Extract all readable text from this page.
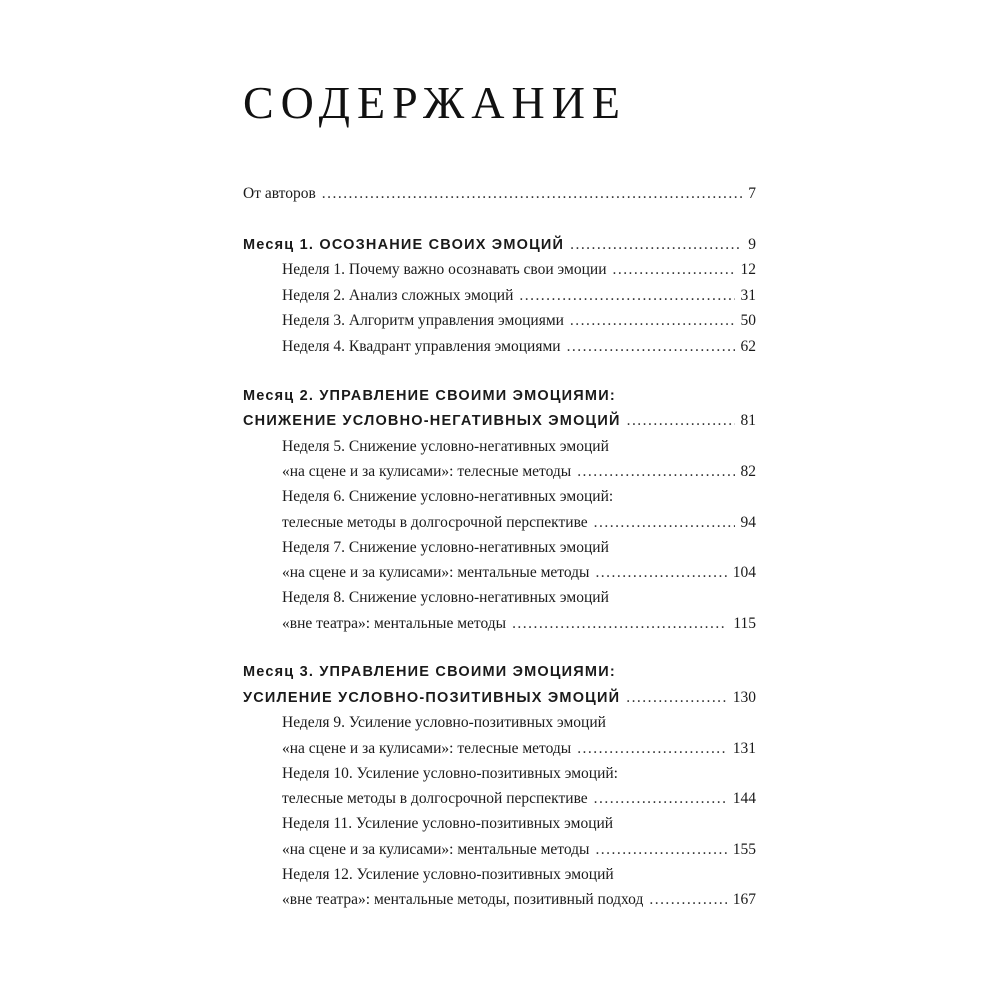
СОДЕРЖАНИЕ
От авторов . . .	7
Месяц 1. ОСОЗНАНИЕ СВОИХ ЭМОЦИЙ . . .	9
Неделя 1. Почему важно осознавать свои эмоции . . .	12
Неделя 2. Анализ сложных эмоций . . .	31
Неделя 3. Алгоритм управления эмоциями . . .	50
Неделя 4. Квадрант управления эмоциями . . .	62
Месяц 2. УПРАВЛЕНИЕ СВОИМИ ЭМОЦИЯМИ:
СНИЖЕНИЕ УСЛОВНО-НЕГАТИВНЫХ ЭМОЦИЙ . . .	81
Неделя 5. Снижение условно-негативных эмоций
«на сцене и за кулисами»: телесные методы . . .	82
Неделя 6. Снижение условно-негативных эмоций:
телесные методы в долгосрочной перспективе . . .	94
Неделя 7. Снижение условно-негативных эмоций
«на сцене и за кулисами»: ментальные методы . . .	104
Неделя 8. Снижение условно-негативных эмоций
«вне театра»: ментальные методы . . .	115
Месяц 3. УПРАВЛЕНИЕ СВОИМИ ЭМОЦИЯМИ:
УСИЛЕНИЕ УСЛОВНО-ПОЗИТИВНЫХ ЭМОЦИЙ . . .	130
Неделя 9. Усиление условно-позитивных эмоций
«на сцене и за кулисами»: телесные методы . . .	131
Неделя 10. Усиление условно-позитивных эмоций:
телесные методы в долгосрочной перспективе . . .	144
Неделя 11. Усиление условно-позитивных эмоций
«на сцене и за кулисами»: ментальные методы . . .	155
Неделя 12. Усиление условно-позитивных эмоций
«вне театра»: ментальные методы, позитивный подход . . .	167
